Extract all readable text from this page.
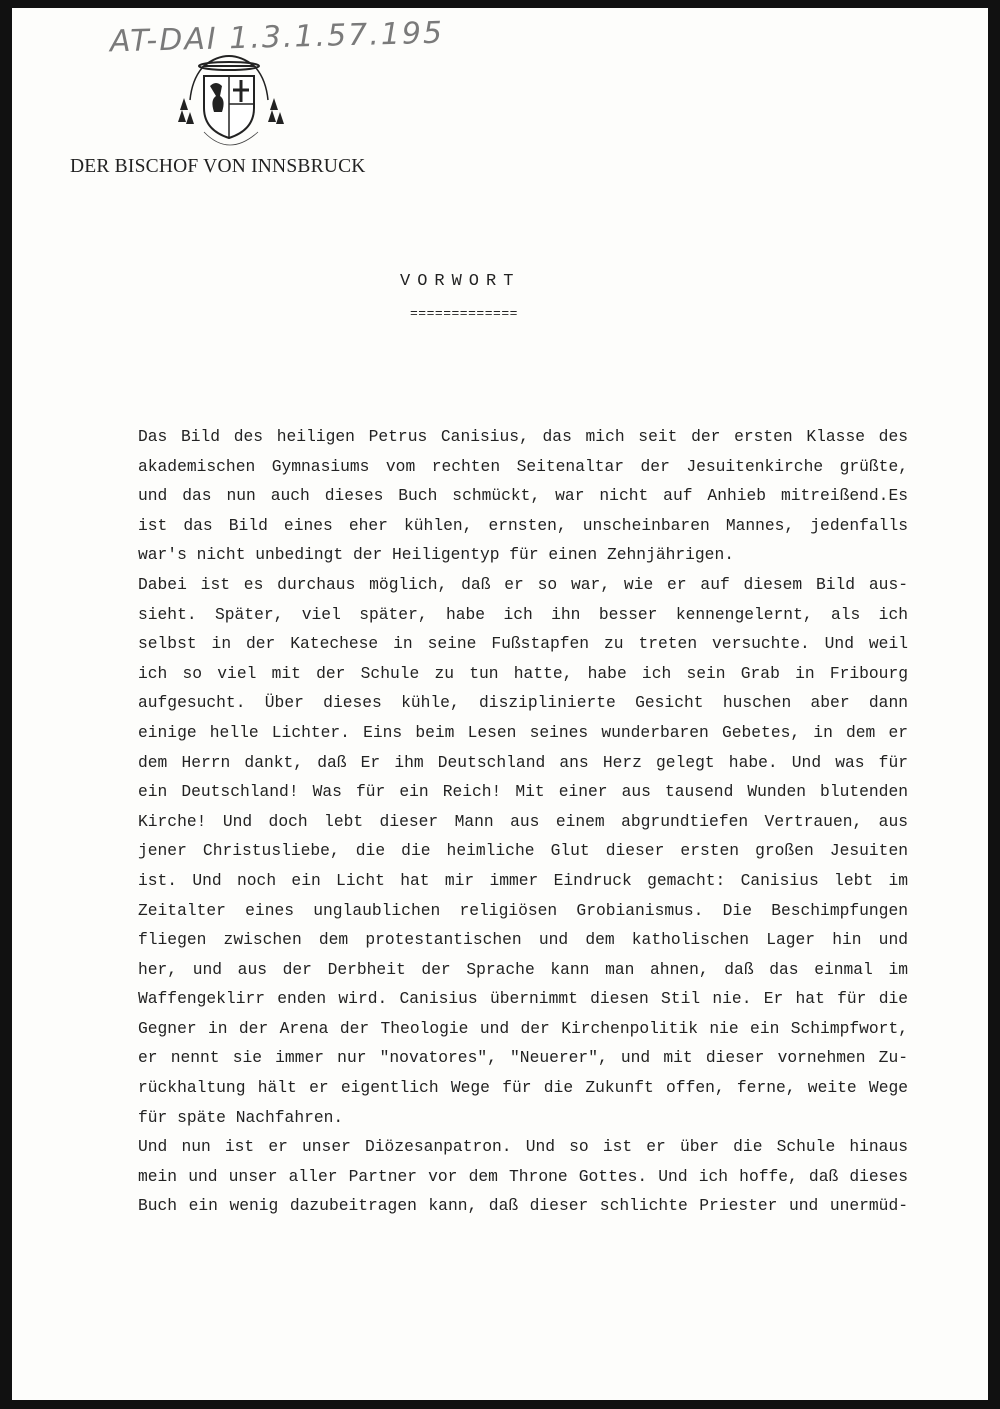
AT-DAI 1.3.1.57.195
DER BISCHOF VON INNSBRUCK
VORWORT
=============
Das Bild des heiligen Petrus Canisius, das mich seit der ersten Klasse des
akademischen Gymnasiums vom rechten Seitenaltar der Jesuitenkirche grüßte,
und das nun auch dieses Buch schmückt, war nicht auf Anhieb mitreißend.Es
ist das Bild eines eher kühlen, ernsten, unscheinbaren Mannes, jedenfalls
war's nicht unbedingt der Heiligentyp für einen Zehnjährigen.
Dabei ist es durchaus möglich, daß er so war, wie er auf diesem Bild aus-
sieht. Später, viel später, habe ich ihn besser kennengelernt, als ich
selbst in der Katechese in seine Fußstapfen zu treten versuchte. Und weil
ich so viel mit der Schule zu tun hatte, habe ich sein Grab in Fribourg
aufgesucht. Über dieses kühle, disziplinierte Gesicht huschen aber dann
einige helle Lichter. Eins beim Lesen seines wunderbaren Gebetes, in dem er
dem Herrn dankt, daß Er ihm Deutschland ans Herz gelegt habe. Und was für
ein Deutschland! Was für ein Reich! Mit einer aus tausend Wunden blutenden
Kirche! Und doch lebt dieser Mann aus einem abgrundtiefen Vertrauen, aus
jener Christusliebe, die die heimliche Glut dieser ersten großen Jesuiten
ist. Und noch ein Licht hat mir immer Eindruck gemacht: Canisius lebt im
Zeitalter eines unglaublichen religiösen Grobianismus. Die Beschimpfungen
fliegen zwischen dem protestantischen und dem katholischen Lager hin und
her, und aus der Derbheit der Sprache kann man ahnen, daß das einmal im
Waffengeklirr enden wird. Canisius übernimmt diesen Stil nie. Er hat für die
Gegner in der Arena der Theologie und der Kirchenpolitik nie ein Schimpfwort,
er nennt sie immer nur "novatores", "Neuerer", und mit dieser vornehmen Zu-
rückhaltung hält er eigentlich Wege für die Zukunft offen, ferne, weite Wege
für späte Nachfahren.
Und nun ist er unser Diözesanpatron. Und so ist er über die Schule hinaus
mein und unser aller Partner vor dem Throne Gottes. Und ich hoffe, daß dieses
Buch ein wenig dazubeitragen kann, daß dieser schlichte Priester und unermüd-
